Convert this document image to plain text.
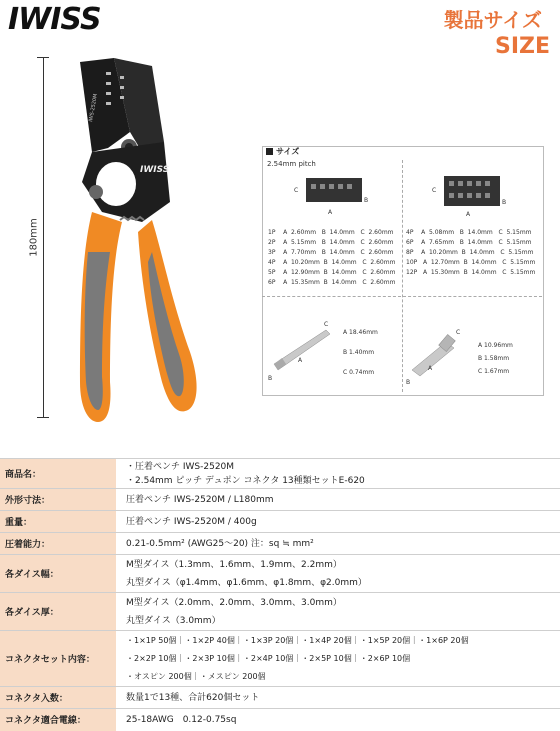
IWISS	製品サイズ
SIZE
180mm
IWS-2520M
IWISS
サイズ
2.54mm pitch
C
A
B
C
A
B
1P    A  2.60mm   B  14.0mm   C  2.60mm
2P    A  5.15mm   B  14.0mm   C  2.60mm
3P    A  7.70mm   B  14.0mm   C  2.60mm
4P    A  10.20mm  B  14.0mm   C  2.60mm
5P    A  12.90mm  B  14.0mm   C  2.60mm
6P    A  15.35mm  B  14.0mm   C  2.60mm
4P    A  5.08mm   B  14.0mm   C  5.15mm
6P    A  7.65mm   B  14.0mm   C  5.15mm
8P    A  10.20mm  B  14.0mm   C  5.15mm
10P   A  12.70mm  B  14.0mm   C  5.15mm
12P   A  15.30mm  B  14.0mm   C  5.15mm
B
A
C
A 18.46mm
B 1.40mm
C 0.74mm
B
A
C
A 10.96mm
B 1.58mm
C 1.67mm
商品名：	・圧着ペンチ IWS-2520M
・2.54mm ピッチ デュポン コネクタ 13種類セットE-620

外形寸法：	圧着ペンチ IWS-2520M / L180mm
重量：	圧着ペンチ IWS-2520M / 400g
圧着能力：	0.21-0.5mm² (AWG25～20) 注：sq ≒ mm²
各ダイス幅：	M型ダイス（1.3mm、1.6mm、1.9mm、2.2mm）
丸型ダイス（φ1.4mm、φ1.6mm、φ1.8mm、φ2.0mm）

各ダイス厚：	M型ダイス（2.0mm、2.0mm、3.0mm、3.0mm）
丸型ダイス（3.0mm）

コネクタセット内容：	・1×1P 50個｜・1×2P 40個｜・1×3P 20個｜・1×4P 20個｜・1×5P 20個｜・1×6P 20個
・2×2P 10個｜・2×3P 10個｜・2×4P 10個｜・2×5P 10個｜・2×6P 10個
・オスピン 200個｜・メスピン 200個

コネクタ入数：	数量1で13種、合計620個セット
コネクタ適合電線：	25-18AWG　0.12-0.75sq
